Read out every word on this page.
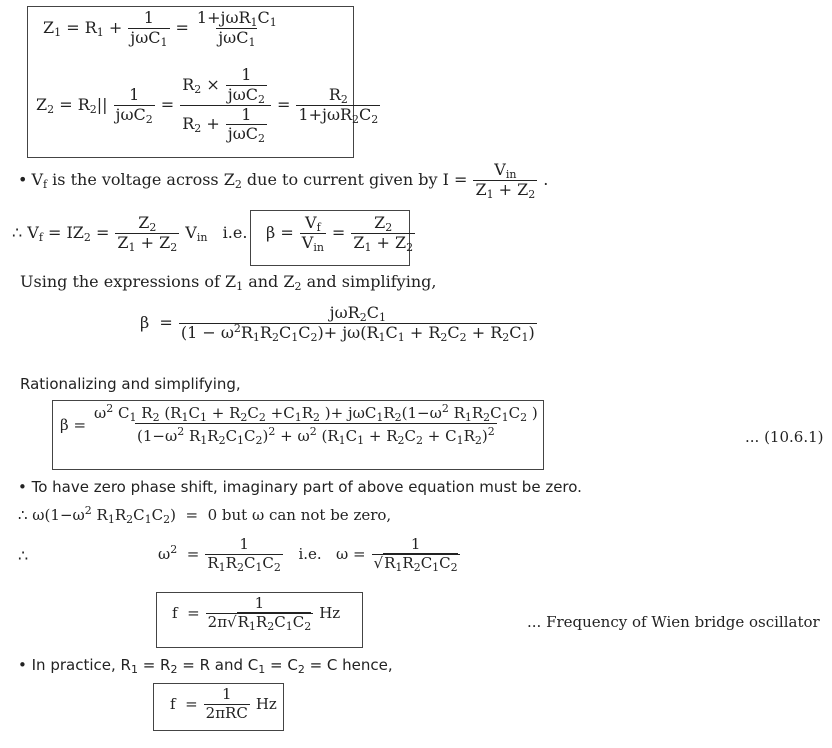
$Z_1 = R_1 + \frac{1}{j\omega C_1} = \frac{1+j\omega R_1C_1}{j\omega C_1}$
$Z_2 = R_2|| \frac{1}{j\omega C_2} = \frac{R_2 \times \frac{1}{j\omega C_2}}{R_2 + \frac{1}{j\omega C_2}} = \frac{R_2}{1+j\omega R_2C_2}$
• $V_f$ is the voltage across $Z_2$ due to current given by $I = \frac{V_{in}}{Z_1 + Z_2}$ .
∴ $V_f = IZ_2 = \frac{Z_2}{Z_1 + Z_2} V_{in}$   i.e. $\beta = \frac{V_f}{V_{in}} = \frac{Z_2}{Z_1 + Z_2}$
Using the expressions of $Z_1$ and $Z_2$ and simplifying,
$\beta = \frac{j\omega R_2C_1}{(1 - \omega^2R_1R_2C_1C_2)+ j\omega(R_1C_1 + R_2C_2 + R_2C_1)}$
Rationalizing and simplifying,
$\beta = \frac{\omega^2 C_1 R_2 (R_1C_1 + R_2C_2 +C_1R_2 )+ j\omega C_1R_2(1-\omega^2 R_1R_2C_1C_2 )}{(1-\omega^2 R_1R_2C_1C_2)^2 + \omega^2 (R_1C_1 + R_2C_2 + C_1R_2)^2}$	... (10.6.1)
• To have zero phase shift, imaginary part of above equation must be zero.
∴ $\omega(1-\omega^2$ $R_1R_2C_1C_2) = 0$ but ω can not be zero,
∴	$\omega^2 = \frac{1}{R_1R_2C_1C_2} i.e$.   $\omega = \frac{1}{√R_1R_2C_1C_2}$
$f = \frac{1}{2\pi√R_1R_2C_1C_2}$ Hz
... Frequency of Wien bridge oscillator
• In practice, $R_1 = R_2 = R$ and $C_1 = C_2 = C$ hence,
$f = \frac{1}{\text{2πRC}}$ Hz
